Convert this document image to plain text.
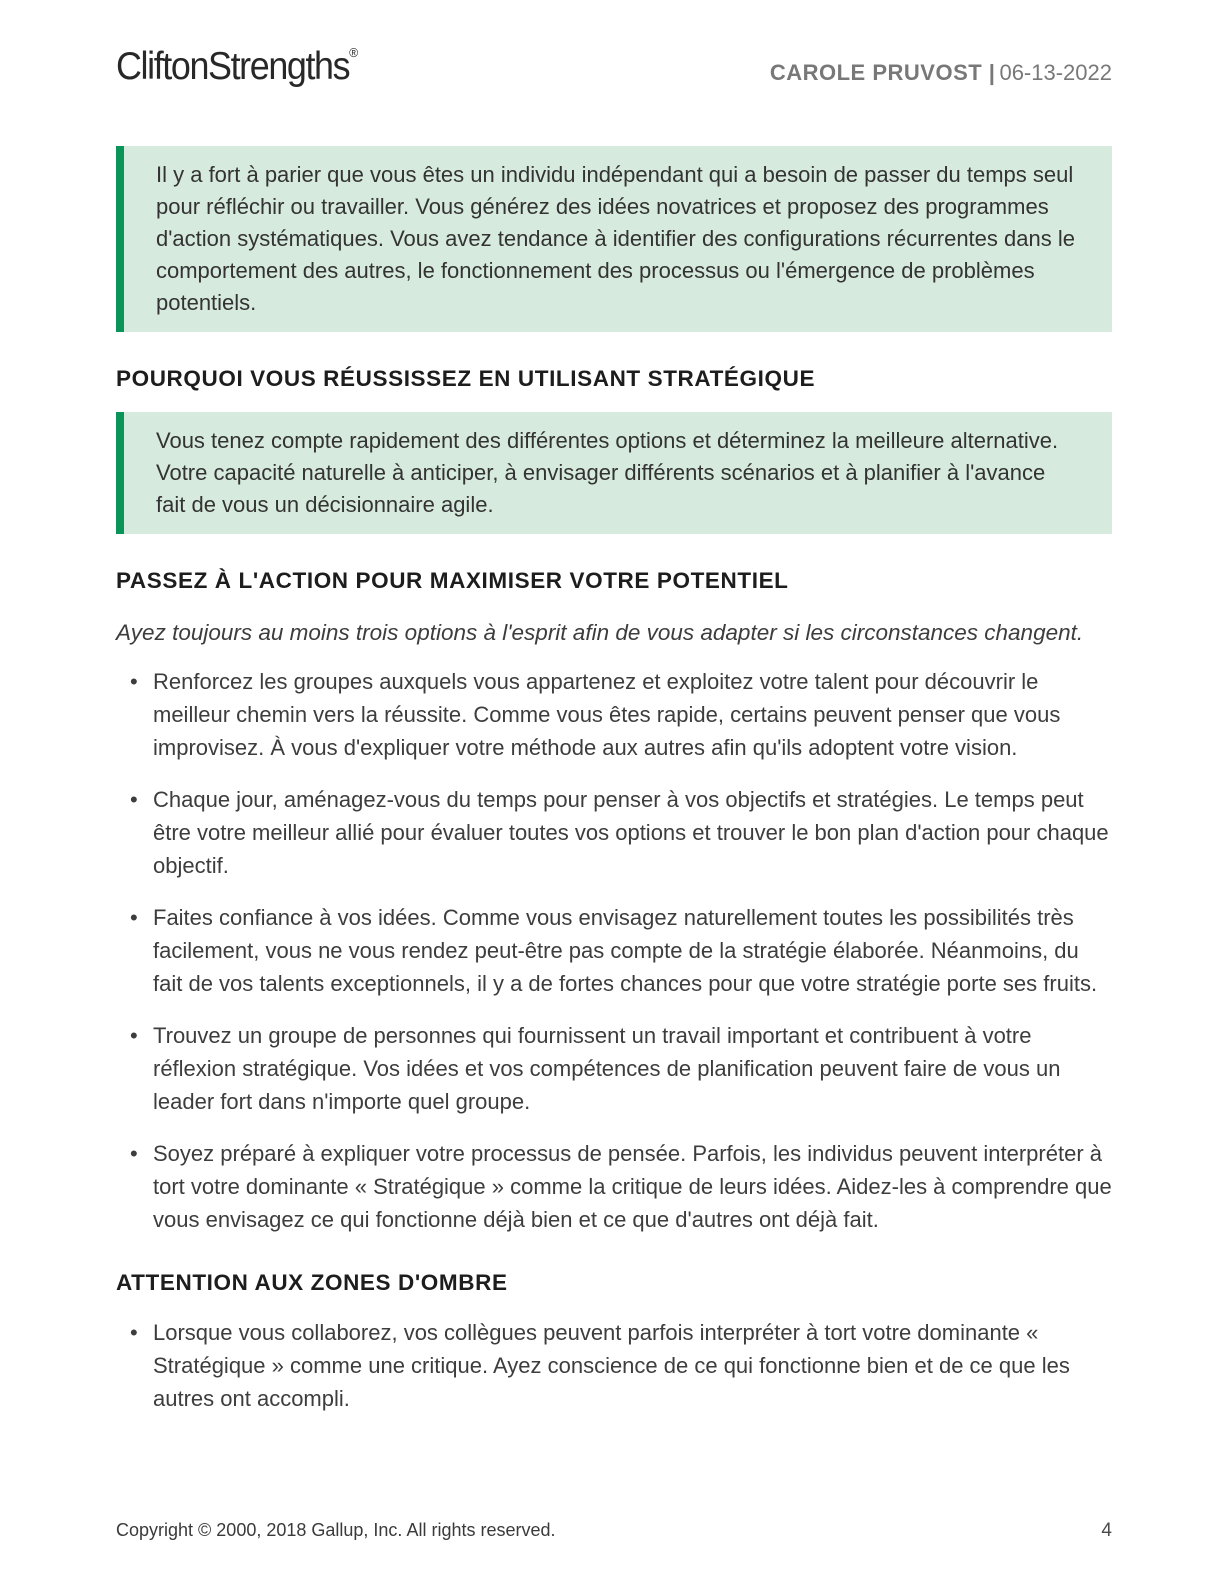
CliftonStrengths®
CAROLE PRUVOST | 06-13-2022
Il y a fort à parier que vous êtes un individu indépendant qui a besoin de passer du temps seul pour réfléchir ou travailler. Vous générez des idées novatrices et proposez des programmes d'action systématiques. Vous avez tendance à identifier des configurations récurrentes dans le comportement des autres, le fonctionnement des processus ou l'émergence de problèmes potentiels.
POURQUOI VOUS RÉUSSISSEZ EN UTILISANT STRATÉGIQUE
Vous tenez compte rapidement des différentes options et déterminez la meilleure alternative. Votre capacité naturelle à anticiper, à envisager différents scénarios et à planifier à l'avance fait de vous un décisionnaire agile.
PASSEZ À L'ACTION POUR MAXIMISER VOTRE POTENTIEL

Ayez toujours au moins trois options à l'esprit afin de vous adapter si les circonstances changent.

• Renforcez les groupes auxquels vous appartenez et exploitez votre talent pour découvrir le meilleur chemin vers la réussite. Comme vous êtes rapide, certains peuvent penser que vous improvisez. À vous d'expliquer votre méthode aux autres afin qu'ils adoptent votre vision.
• Chaque jour, aménagez-vous du temps pour penser à vos objectifs et stratégies. Le temps peut être votre meilleur allié pour évaluer toutes vos options et trouver le bon plan d'action pour chaque objectif.
• Faites confiance à vos idées. Comme vous envisagez naturellement toutes les possibilités très facilement, vous ne vous rendez peut-être pas compte de la stratégie élaborée. Néanmoins, du fait de vos talents exceptionnels, il y a de fortes chances pour que votre stratégie porte ses fruits.
• Trouvez un groupe de personnes qui fournissent un travail important et contribuent à votre réflexion stratégique. Vos idées et vos compétences de planification peuvent faire de vous un leader fort dans n'importe quel groupe.
• Soyez préparé à expliquer votre processus de pensée. Parfois, les individus peuvent interpréter à tort votre dominante « Stratégique » comme la critique de leurs idées. Aidez-les à comprendre que vous envisagez ce qui fonctionne déjà bien et ce que d'autres ont déjà fait.
ATTENTION AUX ZONES D'OMBRE
• Lorsque vous collaborez, vos collègues peuvent parfois interpréter à tort votre dominante « Stratégique » comme une critique. Ayez conscience de ce qui fonctionne bien et de ce que les autres ont accompli.
Copyright © 2000, 2018 Gallup, Inc. All rights reserved.	4
